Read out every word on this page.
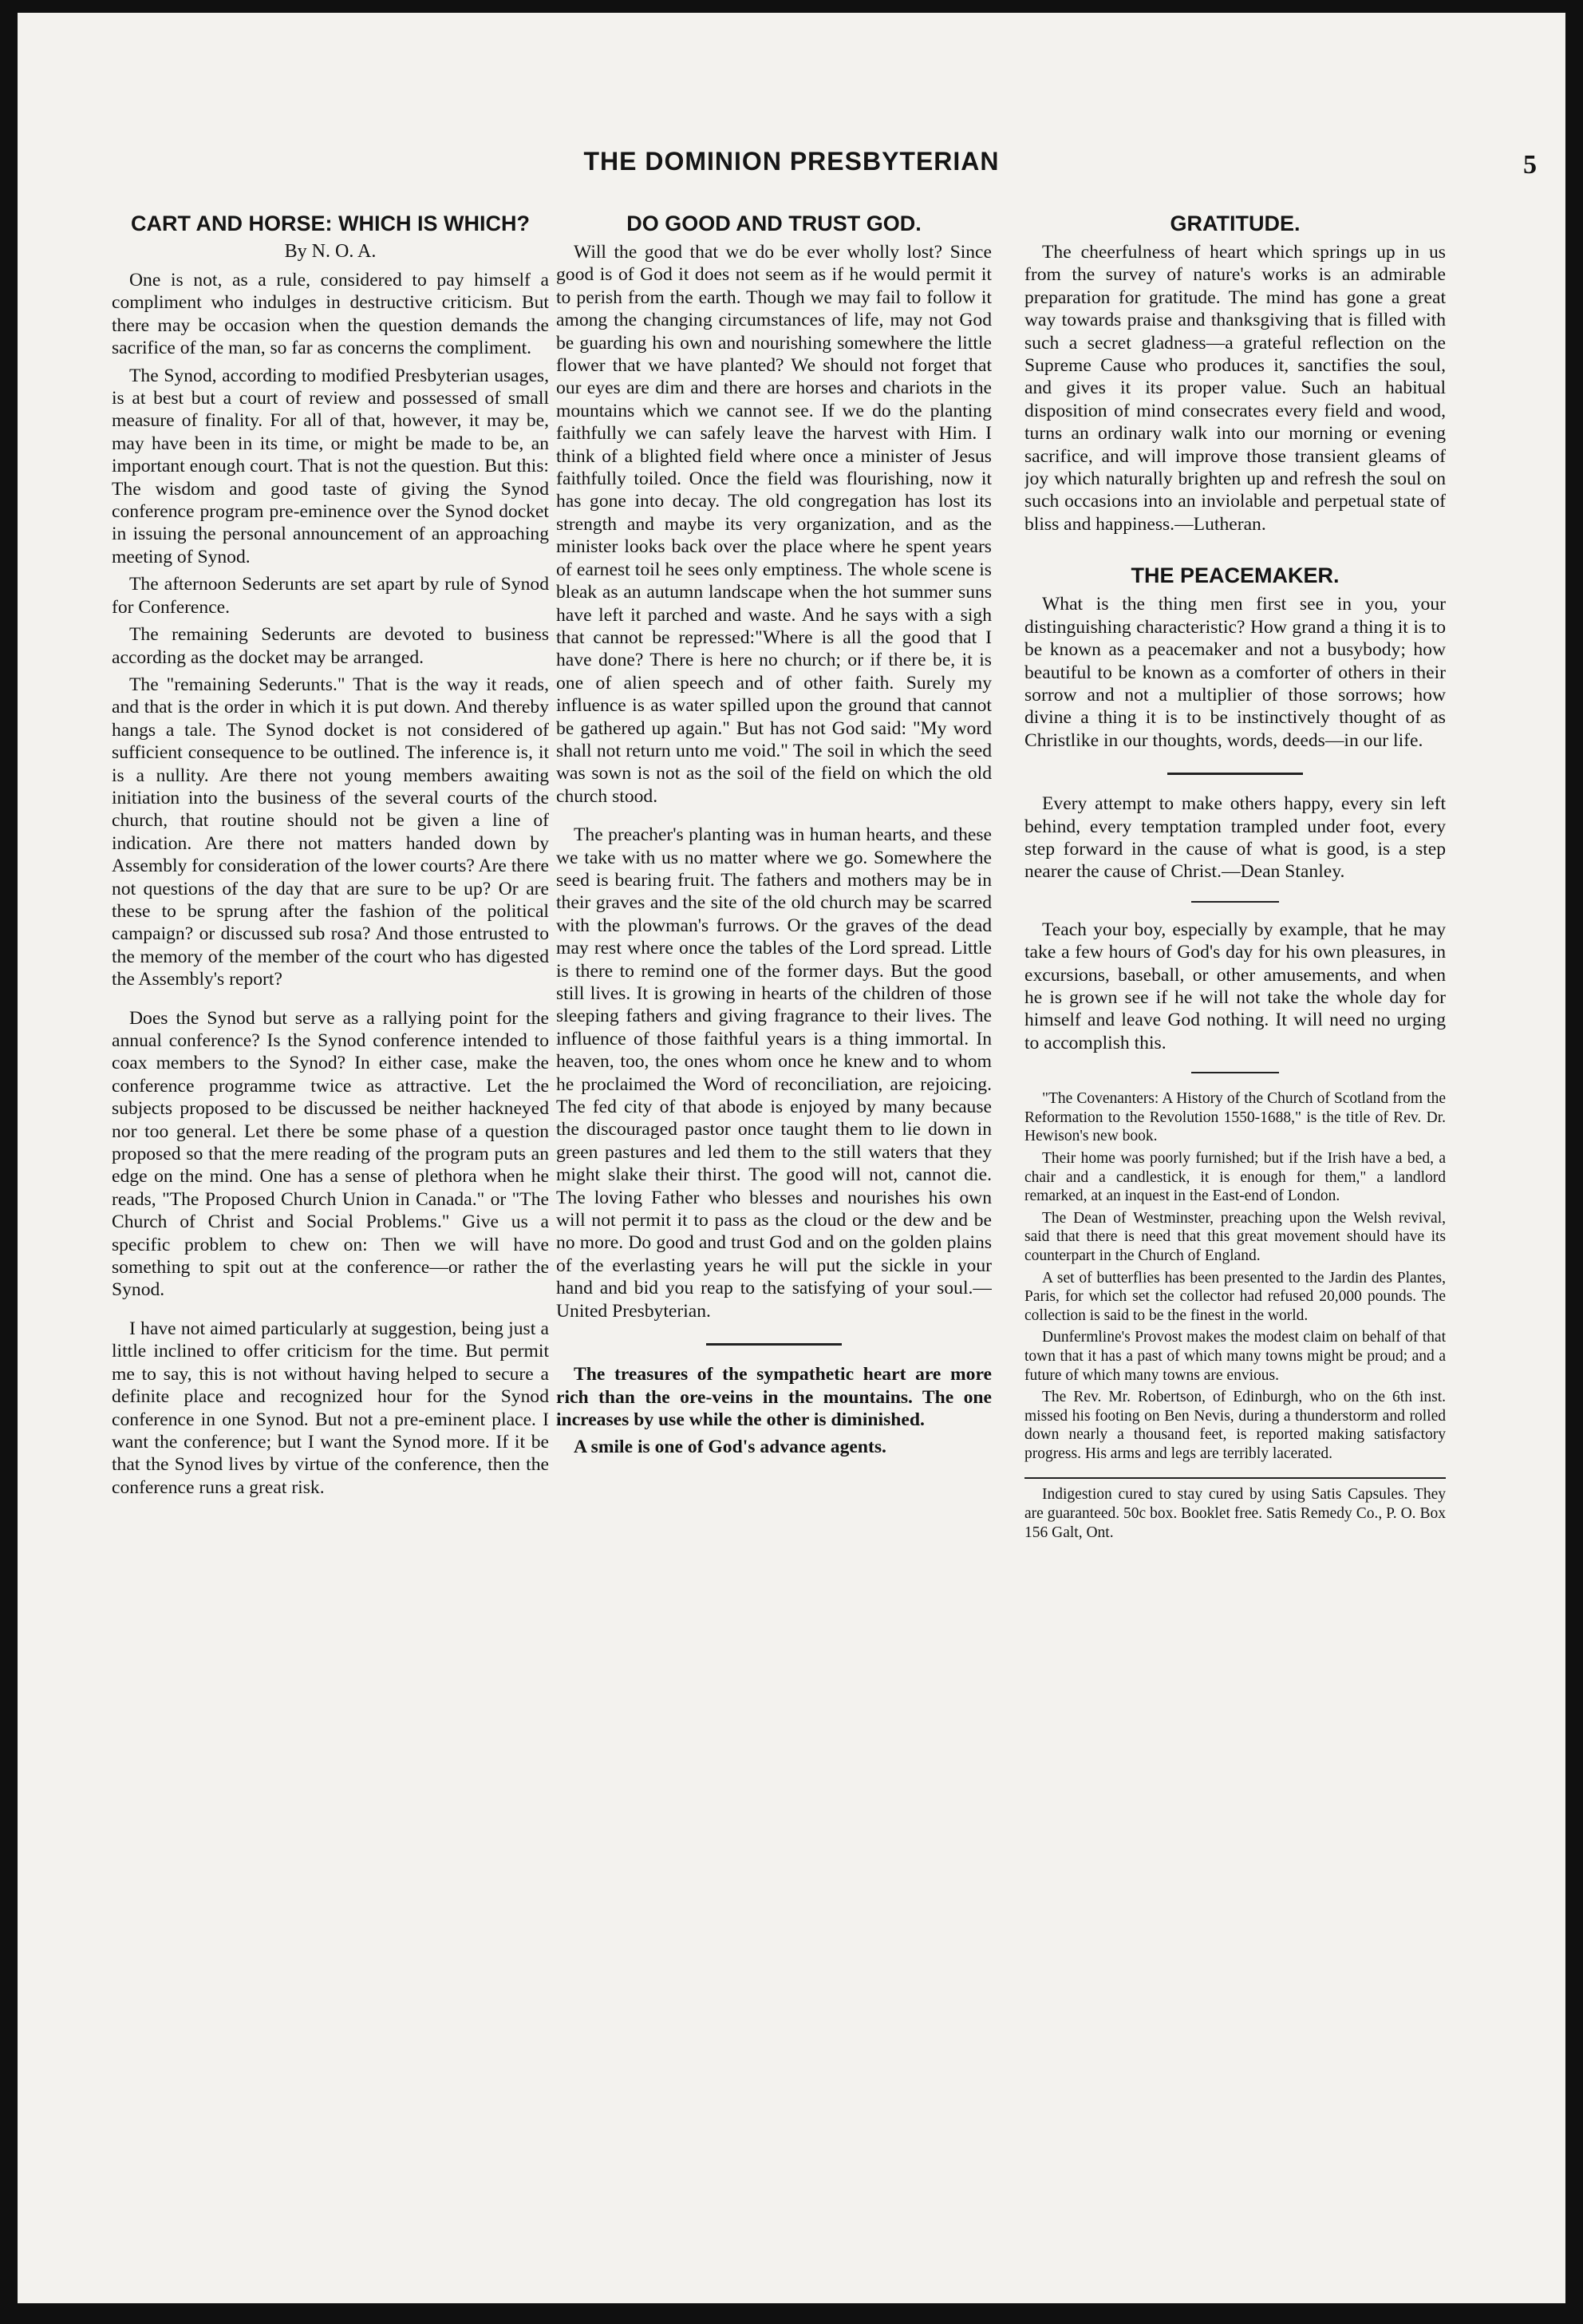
THE DOMINION PRESBYTERIAN	5
CART AND HORSE: WHICH IS WHICH?
By N. O. A.

One is not, as a rule, considered to pay himself a compliment who indulges in destructive criticism. But there may be occasion when the question demands the sacrifice of the man, so far as concerns the compliment.

The Synod, according to modified Presbyterian usages, is at best but a court of review and possessed of small measure of finality. For all of that, however, it may be, may have been in its time, or might be made to be, an important enough court. That is not the question. But this: The wisdom and good taste of giving the Synod conference program pre-eminence over the Synod docket in issuing the personal announcement of an approaching meeting of Synod.

The afternoon Sederunts are set apart by rule of Synod for Conference.

The remaining Sederunts are devoted to business according as the docket may be arranged.

The "remaining Sederunts." That is the way it reads, and that is the order in which it is put down. And thereby hangs a tale. The Synod docket is not considered of sufficient consequence to be outlined. The inference is, it is a nullity. Are there not young members awaiting initiation into the business of the several courts of the church, that routine should not be given a line of indication. Are there not matters handed down by Assembly for consideration of the lower courts? Are there not questions of the day that are sure to be up? Or are these to be sprung after the fashion of the political campaign? or discussed sub rosa? And those entrusted to the memory of the member of the court who has digested the Assembly's report?

Does the Synod but serve as a rallying point for the annual conference? Is the Synod conference intended to coax members to the Synod? In either case, make the conference programme twice as attractive. Let the subjects proposed to be discussed be neither hackneyed nor too general. Let there be some phase of a question proposed so that the mere reading of the program puts an edge on the mind. One has a sense of plethora when he reads, "The Proposed Church Union in Canada." or "The Church of Christ and Social Problems." Give us a specific problem to chew on: Then we will have something to spit out at the conference—or rather the Synod.

I have not aimed particularly at suggestion, being just a little inclined to offer criticism for the time. But permit me to say, this is not without having helped to secure a definite place and recognized hour for the Synod conference in one Synod. But not a pre-eminent place. I want the conference; but I want the Synod more. If it be that the Synod lives by virtue of the conference, then the conference runs a great risk.

DO GOOD AND TRUST GOD.

Will the good that we do be ever wholly lost? Since good is of God it does not seem as if he would permit it to perish from the earth. Though we may fail to follow it among the changing circumstances of life, may not God be guarding his own and nourishing somewhere the little flower that we have planted? We should not forget that our eyes are dim and there are horses and chariots in the mountains which we cannot see. If we do the planting faithfully we can safely leave the harvest with Him. I think of a blighted field where once a minister of Jesus faithfully toiled. Once the field was flourishing, now it has gone into decay. The old congregation has lost its strength and maybe its very organization, and as the minister looks back over the place where he spent years of earnest toil he sees only emptiness. The whole scene is bleak as an autumn landscape when the hot summer suns have left it parched and waste. And he says with a sigh that cannot be repressed:"Where is all the good that I have done? There is here no church; or if there be, it is one of alien speech and of other faith. Surely my influence is as water spilled upon the ground that cannot be gathered up again." But has not God said: "My word shall not return unto me void." The soil in which the seed was sown is not as the soil of the field on which the old church stood.

The preacher's planting was in human hearts, and these we take with us no matter where we go. Somewhere the seed is bearing fruit. The fathers and mothers may be in their graves and the site of the old church may be scarred with the plowman's furrows. Or the graves of the dead may rest where once the tables of the Lord spread. Little is there to remind one of the former days. But the good still lives. It is growing in hearts of the children of those sleeping fathers and giving fragrance to their lives. The influence of those faithful years is a thing immortal. In heaven, too, the ones whom once he knew and to whom he proclaimed the Word of reconciliation, are rejoicing. The fed city of that abode is enjoyed by many because the discouraged pastor once taught them to lie down in green pastures and led them to the still waters that they might slake their thirst. The good will not, cannot die. The loving Father who blesses and nourishes his own will not permit it to pass as the cloud or the dew and be no more. Do good and trust God and on the golden plains of the everlasting years he will put the sickle in your hand and bid you reap to the satisfying of your soul.—United Presbyterian.

The treasures of the sympathetic heart are more rich than the ore-veins in the mountains. The one increases by use while the other is diminished.

A smile is one of God's advance agents.

GRATITUDE.

The cheerfulness of heart which springs up in us from the survey of nature's works is an admirable preparation for gratitude. The mind has gone a great way towards praise and thanksgiving that is filled with such a secret gladness—a grateful reflection on the Supreme Cause who produces it, sanctifies the soul, and gives it its proper value. Such an habitual disposition of mind consecrates every field and wood, turns an ordinary walk into our morning or evening sacrifice, and will improve those transient gleams of joy which naturally brighten up and refresh the soul on such occasions into an inviolable and perpetual state of bliss and happiness.—Lutheran.

THE PEACEMAKER.

What is the thing men first see in you, your distinguishing characteristic? How grand a thing it is to be known as a peacemaker and not a busybody; how beautiful to be known as a comforter of others in their sorrow and not a multiplier of those sorrows; how divine a thing it is to be instinctively thought of as Christlike in our thoughts, words, deeds—in our life.

Every attempt to make others happy, every sin left behind, every temptation trampled under foot, every step forward in the cause of what is good, is a step nearer the cause of Christ.—Dean Stanley.

Teach your boy, especially by example, that he may take a few hours of God's day for his own pleasures, in excursions, baseball, or other amusements, and when he is grown see if he will not take the whole day for himself and leave God nothing. It will need no urging to accomplish this.

"The Covenanters: A History of the Church of Scotland from the Reformation to the Revolution 1550-1688," is the title of Rev. Dr. Hewison's new book.

Their home was poorly furnished; but if the Irish have a bed, a chair and a candlestick, it is enough for them," a landlord remarked, at an inquest in the East-end of London.

The Dean of Westminster, preaching upon the Welsh revival, said that there is need that this great movement should have its counterpart in the Church of England.

A set of butterflies has been presented to the Jardin des Plantes, Paris, for which set the collector had refused 20,000 pounds. The collection is said to be the finest in the world.

Dunfermline's Provost makes the modest claim on behalf of that town that it has a past of which many towns might be proud; and a future of which many towns are envious.

The Rev. Mr. Robertson, of Edinburgh, who on the 6th inst. missed his footing on Ben Nevis, during a thunderstorm and rolled down nearly a thousand feet, is reported making satisfactory progress. His arms and legs are terribly lacerated.

Indigestion cured to stay cured by using Satis Capsules. They are guaranteed. 50c box. Booklet free. Satis Remedy Co., P. O. Box 156 Galt, Ont.
